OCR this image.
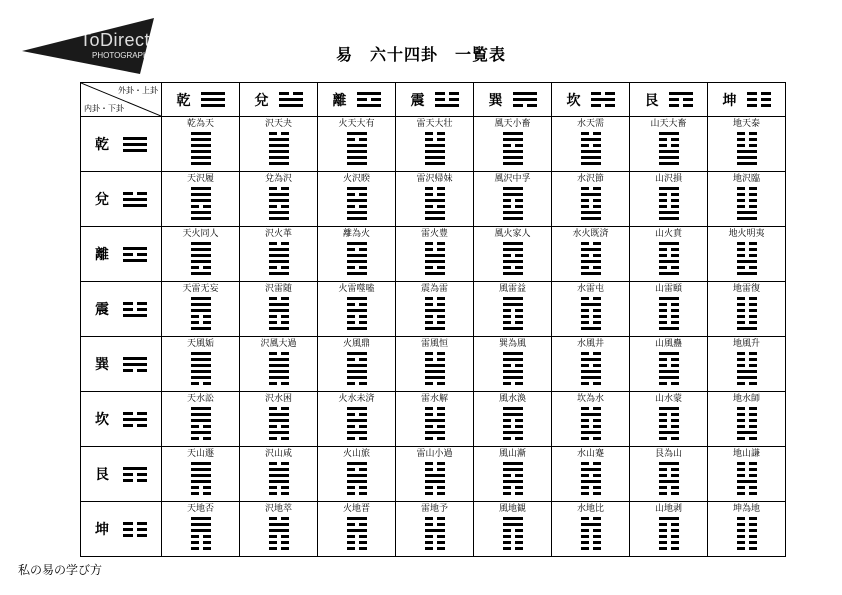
ToDirect
PHOTOGRAPH	易　六十四卦　一覧表
外卦・上卦
内卦・下卦	乾	兌	離	震	巽	坎	艮	坤

乾	乾為天	沢天夬	火天大有	雷天大壮	風天小畜	水天需	山天大畜	地天泰

兌	天沢履	兌為沢	火沢睽	雷沢帰妹	風沢中孚	水沢節	山沢損	地沢臨

離	天火同人	沢火革	離為火	雷火豊	風火家人	水火既済	山火賁	地火明夷

震	天雷无妄	沢雷随	火雷噬嗑	震為雷	風雷益	水雷屯	山雷頤	地雷復

巽	天風姤	沢風大過	火風鼎	雷風恒	巽為風	水風井	山風蠱	地風升

坎	天水訟	沢水困	火水未済	雷水解	風水渙	坎為水	山水蒙	地水師

艮	天山遯	沢山咸	火山旅	雷山小過	風山漸	水山蹇	艮為山	地山謙

坤	天地否	沢地萃	火地晋	雷地予	風地観	水地比	山地剥	坤為地
私の易の学び方
